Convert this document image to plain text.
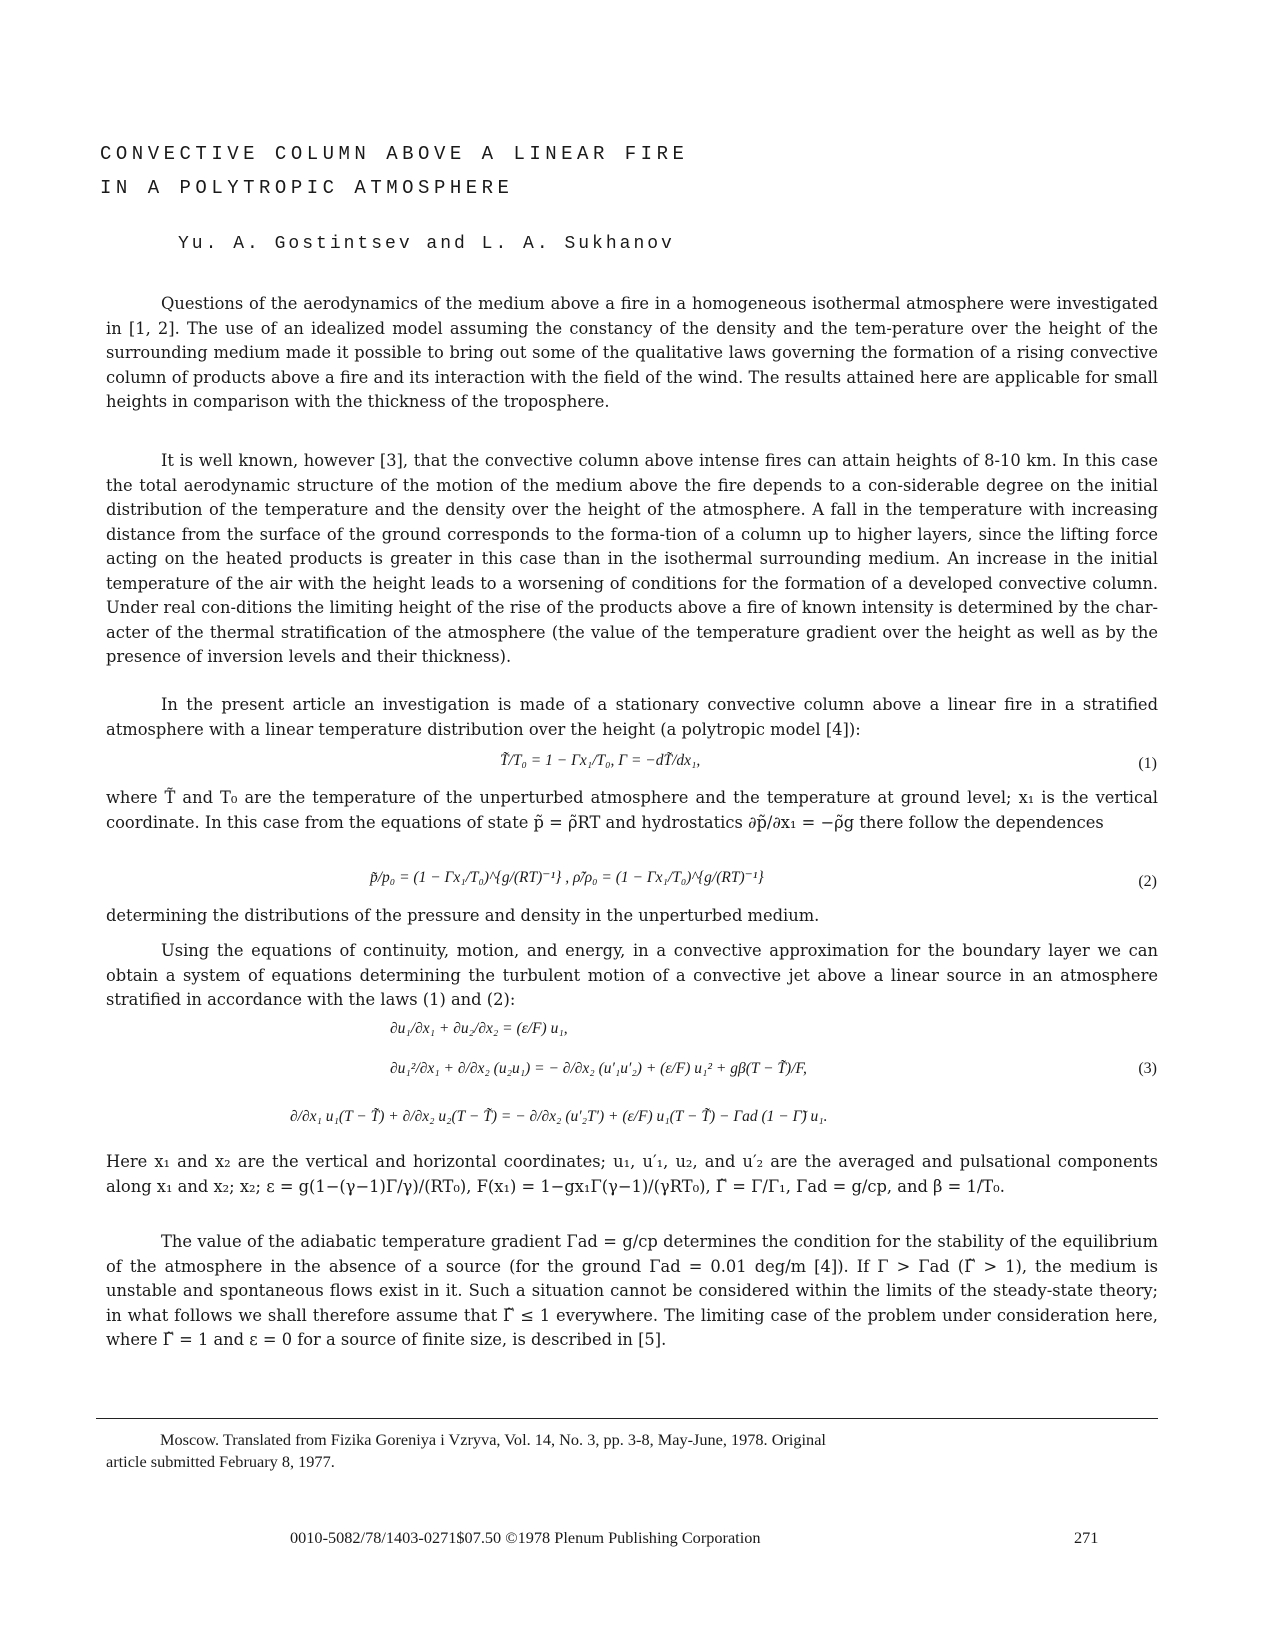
CONVECTIVE COLUMN ABOVE A LINEAR FIRE
IN A POLYTROPIC ATMOSPHERE
Yu. A. Gostintsev and L. A. Sukhanov

Questions of the aerodynamics of the medium above a fire in a homogeneous isothermal atmosphere were investigated in [1, 2]. The use of an idealized model assuming the constancy of the density and the tem-perature over the height of the surrounding medium made it possible to bring out some of the qualitative laws governing the formation of a rising convective column of products above a fire and its interaction with the field of the wind. The results attained here are applicable for small heights in comparison with the thickness of the troposphere.

It is well known, however [3], that the convective column above intense fires can attain heights of 8-10 km. In this case the total aerodynamic structure of the motion of the medium above the fire depends to a con-siderable degree on the initial distribution of the temperature and the density over the height of the atmosphere. A fall in the temperature with increasing distance from the surface of the ground corresponds to the forma-tion of a column up to higher layers, since the lifting force acting on the heated products is greater in this case than in the isothermal surrounding medium. An increase in the initial temperature of the air with the height leads to a worsening of conditions for the formation of a developed convective column. Under real con-ditions the limiting height of the rise of the products above a fire of known intensity is determined by the char-acter of the thermal stratification of the atmosphere (the value of the temperature gradient over the height as well as by the presence of inversion levels and their thickness).

In the present article an investigation is made of a stationary convective column above a linear fire in a stratified atmosphere with a linear temperature distribution over the height (a polytropic model [4]):

T̃/T₀ = 1 − Γx₁/T₀, Γ = −dT̃/dx₁,	(1)

where T̃ and T₀ are the temperature of the unperturbed atmosphere and the temperature at ground level; x₁ is the vertical coordinate. In this case from the equations of state p̃ = ρ̃RT and hydrostatics ∂p̃/∂x₁ = −ρ̃g there follow the dependences

p̃/p₀ = (1 − Γx₁/T₀)^{g/(RT)⁻¹} , ρ̃/ρ₀ = (1 − Γx₁/T₀)^{g/(RT)⁻¹}	(2)

determining the distributions of the pressure and density in the unperturbed medium.

Using the equations of continuity, motion, and energy, in a convective approximation for the boundary layer we can obtain a system of equations determining the turbulent motion of a convective jet above a linear source in an atmosphere stratified in accordance with the laws (1) and (2):

∂u₁/∂x₁ + ∂u₂/∂x₂ = (ε/F) u₁,
∂u₁²/∂x₁ + ∂/∂x₂ (u₂u₁) = − ∂/∂x₂ (u′₁u′₂) + (ε/F) u₁² + gβ(T − T̃)/F,	(3)
∂/∂x₁ u₁(T − T̃) + ∂/∂x₂ u₂(T − T̃) = − ∂/∂x₂ (u′₂T′) + (ε/F) u₁(T − T̃) − Γad (1 − Γ̃) u₁.

Here x₁ and x₂ are the vertical and horizontal coordinates; u₁, u′₁, u₂, and u′₂ are the averaged and pulsational components along x₁ and x₂; x₂; ε = g(1−(γ−1)Γ/γ)/(RT₀), F(x₁) = 1−gx₁Γ(γ−1)/(γRT₀), Γ̃ = Γ/Γ₁, Γad = g/cp, and β = 1/T₀.

The value of the adiabatic temperature gradient Γad = g/cp determines the condition for the stability of the equilibrium of the atmosphere in the absence of a source (for the ground Γad = 0.01 deg/m [4]). If Γ > Γad (Γ̃ > 1), the medium is unstable and spontaneous flows exist in it. Such a situation cannot be considered within the limits of the steady-state theory; in what follows we shall therefore assume that Γ̃ ≤ 1 everywhere. The limiting case of the problem under consideration here, where Γ̃ = 1 and ε = 0 for a source of finite size, is described in [5].

Moscow. Translated from Fizika Goreniya i Vzryva, Vol. 14, No. 3, pp. 3-8, May-June, 1978. Original
article submitted February 8, 1977.
0010-5082/78/1403-0271$07.50 ©1978 Plenum Publishing Corporation	271
